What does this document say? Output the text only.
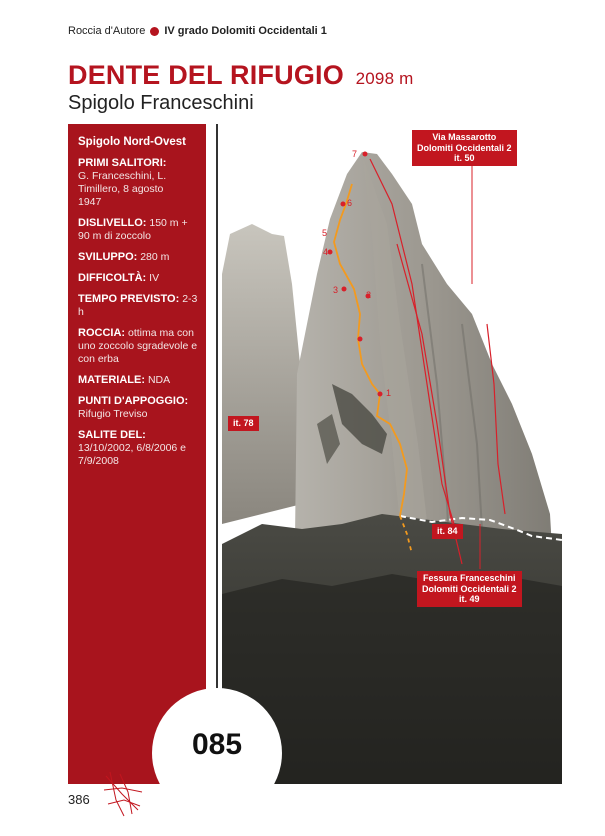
Roccia d'Autore IV grado Dolomiti Occidentali 1
DENTE DEL RIFUGIO 2098 m
Spigolo Franceschini
Spigolo Nord-Ovest
PRIMI SALITORI:
G. Franceschini, L. Timillero, 8 agosto 1947
DISLIVELLO: 150 m + 90 m di zoccolo
SVILUPPO: 280 m
DIFFICOLTÀ: IV
TEMPO PREVISTO: 2-3 h
ROCCIA: ottima ma con uno zoccolo sgradevole e con erba
MATERIALE: NDA
PUNTI D'APPOGGIO:
Rifugio Treviso
SALITE DEL: 13/10/2002, 6/8/2006 e 7/9/2008
1
2
3
4
5
6
7
Via Massarotto
Dolomiti Occidentali 2
it. 50
it. 78
it. 84
Fessura Franceschini
Dolomiti Occidentali 2
it. 49
085
386
